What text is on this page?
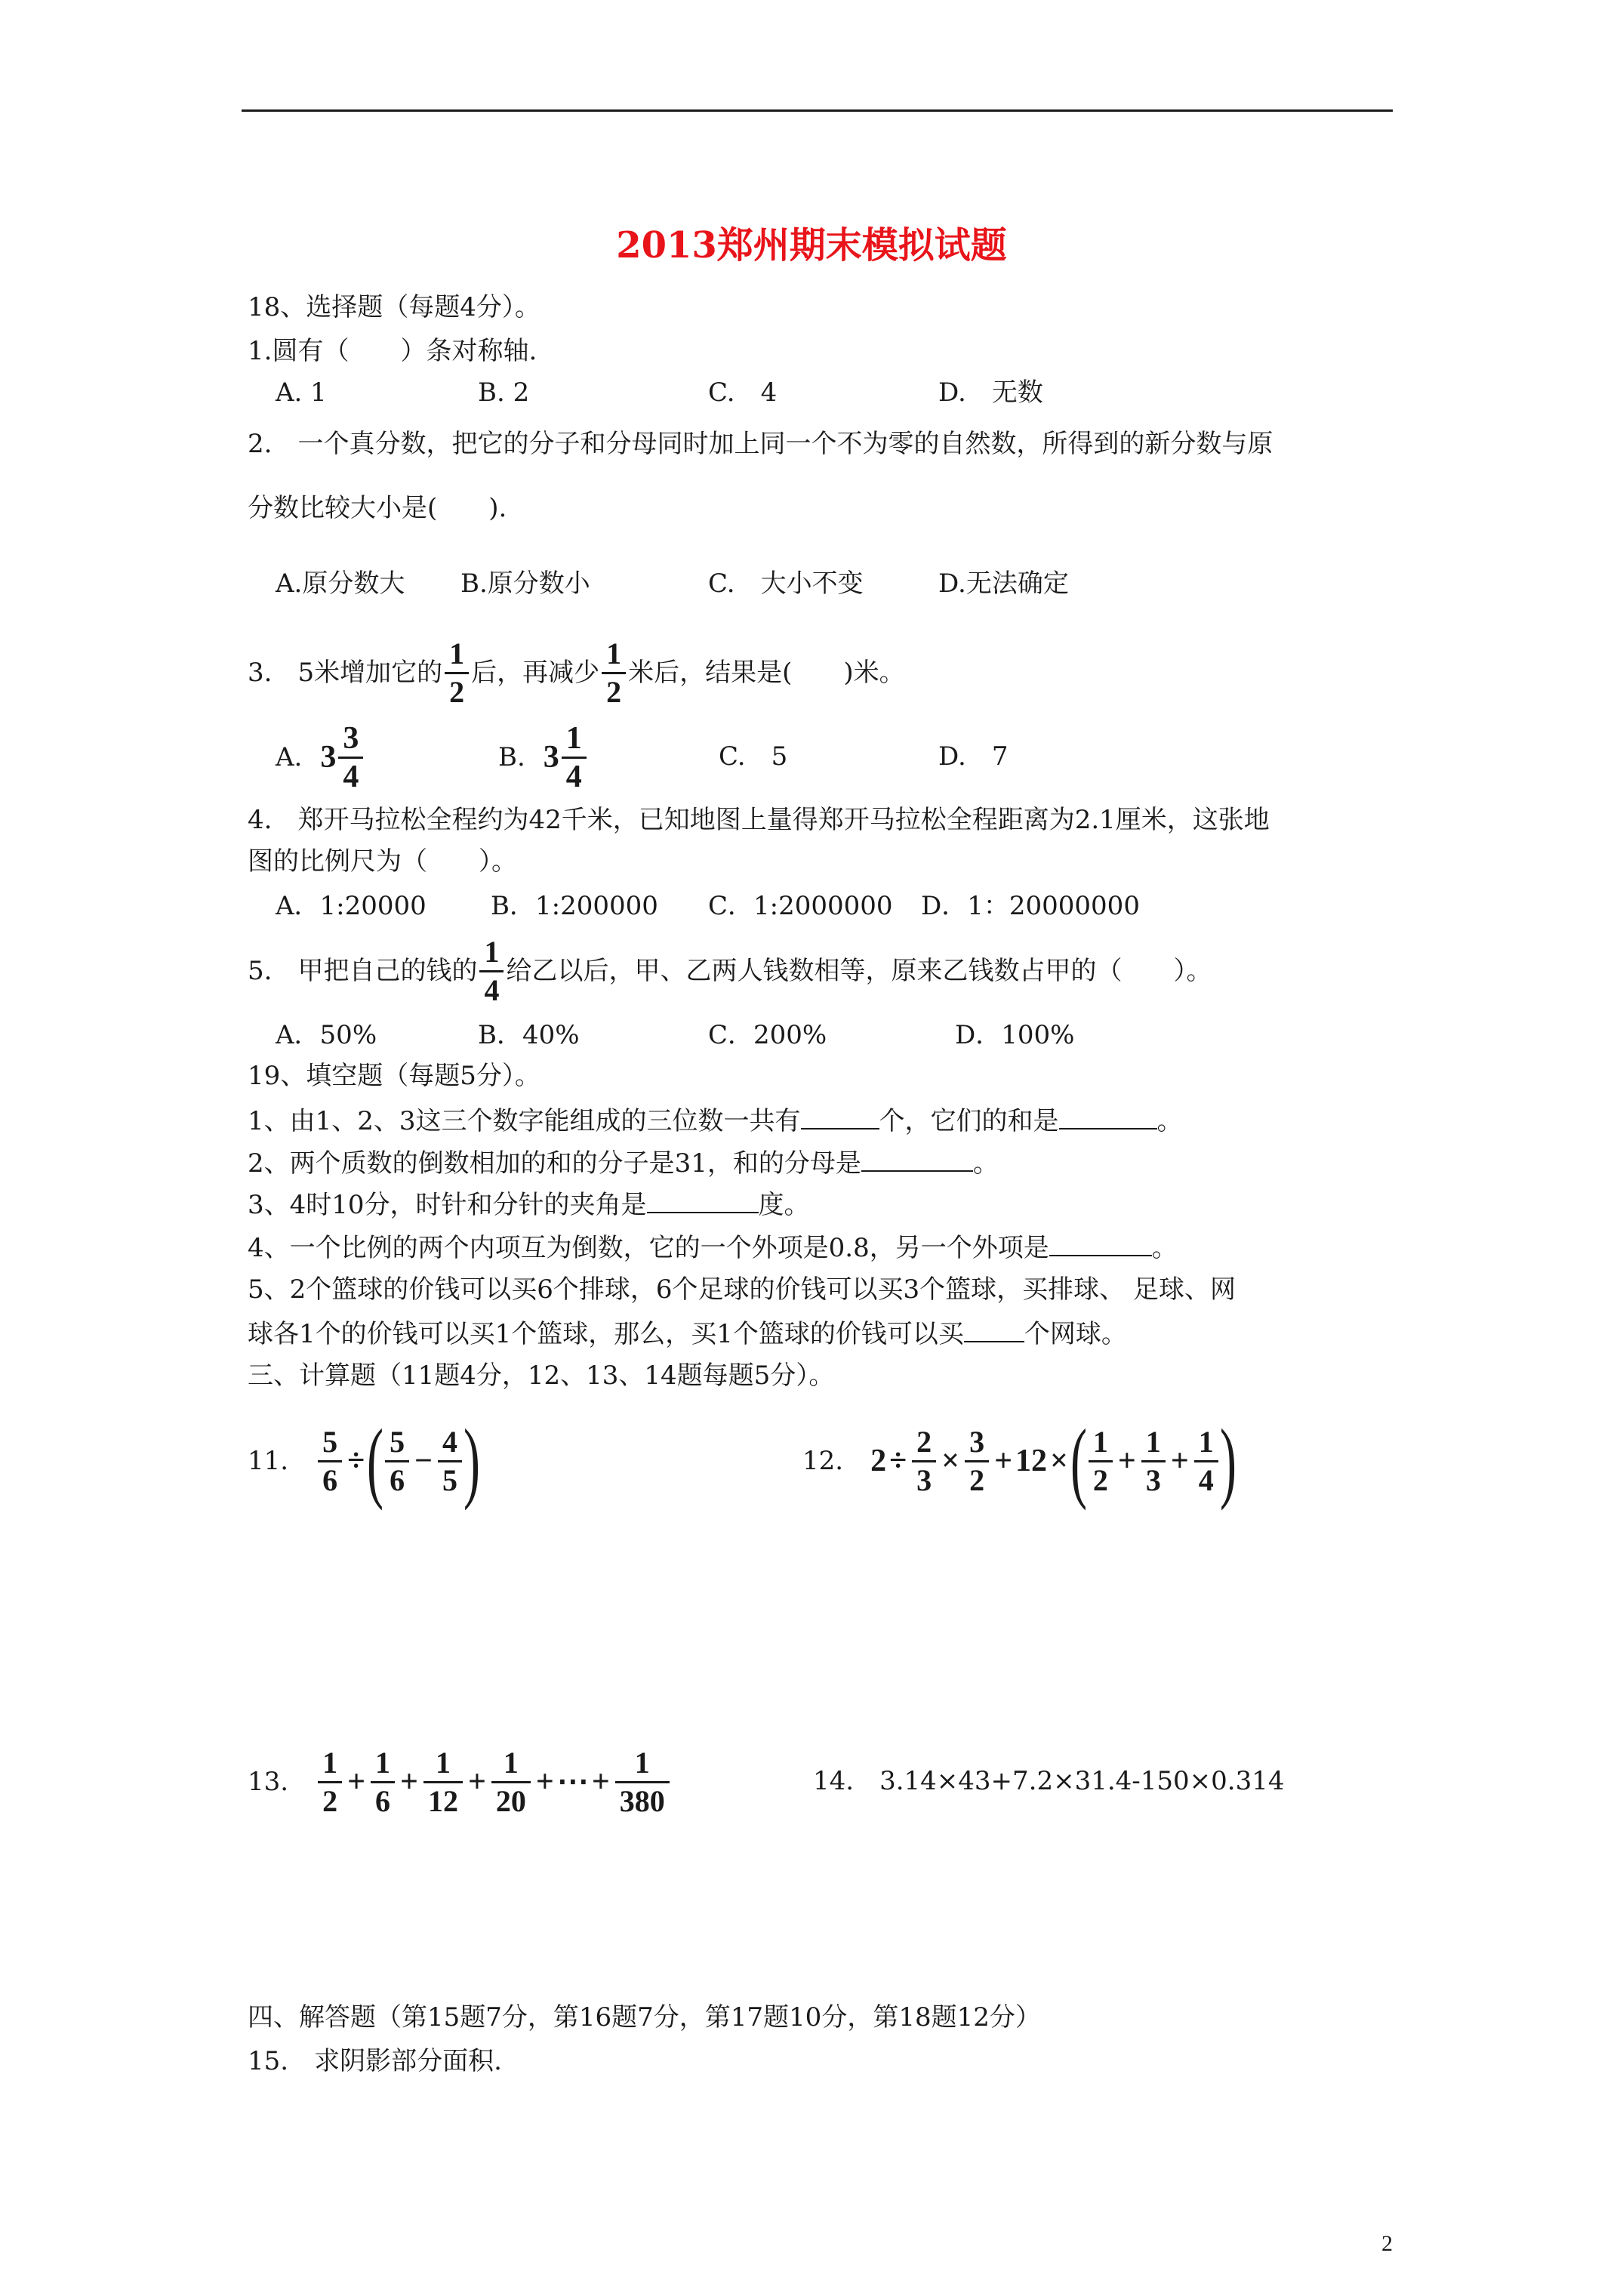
2013郑州期末模拟试题
18、选择题（每题4分）。
1.圆有（　　）条对称轴.
A. 1	B. 2	C.　4	D.　无数
2.　一个真分数，把它的分子和分母同时加上同一个不为零的自然数，所得到的新分数与原
分数比较大小是(　　).
A.原分数大 B.原分数小	C.　大小不变	D.无法确定
3.　5米增加它的
1
2
后，再减少
1
2
米后，结果是(　　)米。
A. 3
3
4
B. 3
1
4
C.　5	D.　7
4.　郑开马拉松全程约为42千米，已知地图上量得郑开马拉松全程距离为2.1厘米，这张地
图的比例尺为（　　）。
A．1:20000	B．1:200000 C．1:2000000 D．1：20000000
5.　甲把自己的钱的
1
4
给乙以后，甲、乙两人钱数相等，原来乙钱数占甲的（　　）。
A．50%	B．40%	C．200%	D．100%
19、填空题（每题5分）。
1、由1、2、3这三个数字能组成的三位数一共有	个，它们的和是	。
2、两个质数的倒数相加的和的分子是31，和的分母是	。
3、4时10分，时针和分针的夹角是	度。
4、一个比例的两个内项互为倒数，它的一个外项是0.8，另一个外项是	。
5、2个篮球的价钱可以买6个排球，6个足球的价钱可以买3个篮球，买排球、 足球、网
球各1个的价钱可以买1个篮球，那么，买1个篮球的价钱可以买 个网球。
三、计算题（11题4分，12、13、14题每题5分）。
11. $\frac{5}{6}$ ÷ ( 5
6
− $\frac{4}{5}$ )	12. $2 \div \frac{2}{3} \times \frac{3}{2} + 12$ × ( 1
2
+ $\frac{1}{3} + \frac{1}{4}$ )
13.
1
2
+ $\frac{1}{6} + \frac{1}{12} + \frac{1}{20}$ + ⋯ + $\frac{1}{380}$	14.　3.14×43+7.2×31.4-150×0.314
四、解答题（第15题7分，第16题7分，第17题10分，第18题12分）
15.　求阴影部分面积.
2
